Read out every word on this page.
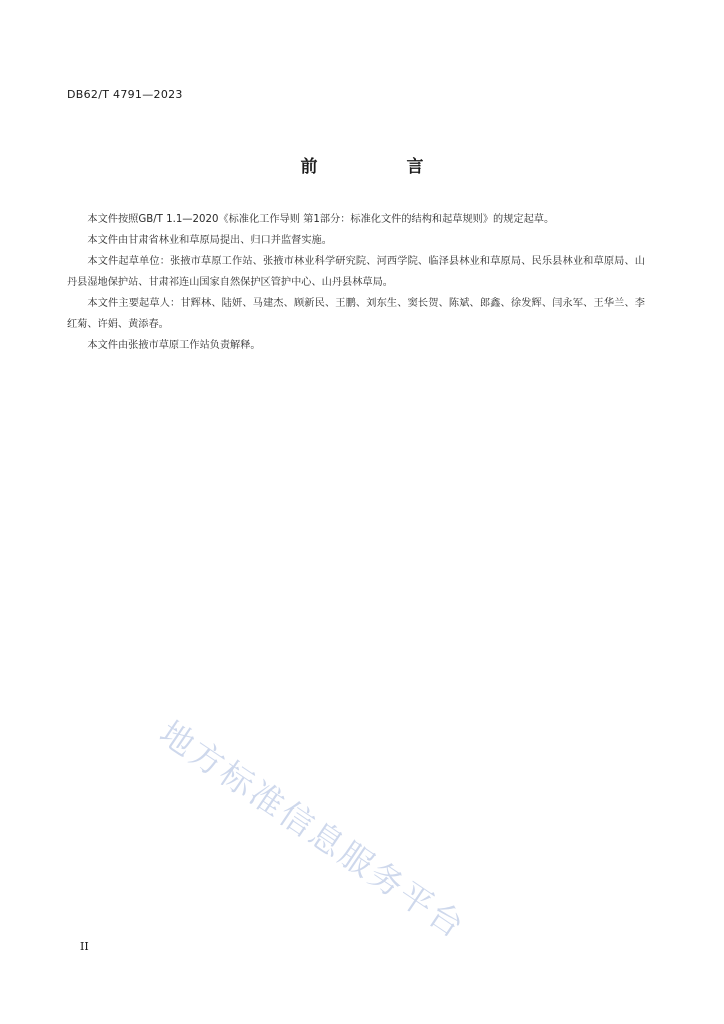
DB62/T 4791—2023
前　言

本文件按照GB/T 1.1—2020《标准化工作导则 第1部分：标准化文件的结构和起草规则》的规定起草。

本文件由甘肃省林业和草原局提出、归口并监督实施。

本文件起草单位：张掖市草原工作站、张掖市林业科学研究院、河西学院、临泽县林业和草原局、民乐县林业和草原局、山丹县湿地保护站、甘肃祁连山国家自然保护区管护中心、山丹县林草局。

本文件主要起草人：甘辉林、陆妍、马建杰、顾新民、王鹏、刘东生、窦长贺、陈斌、郎鑫、徐发辉、闫永军、王华兰、李红菊、许娟、黄添春。

本文件由张掖市草原工作站负责解释。

地方标准信息服务平台
II
